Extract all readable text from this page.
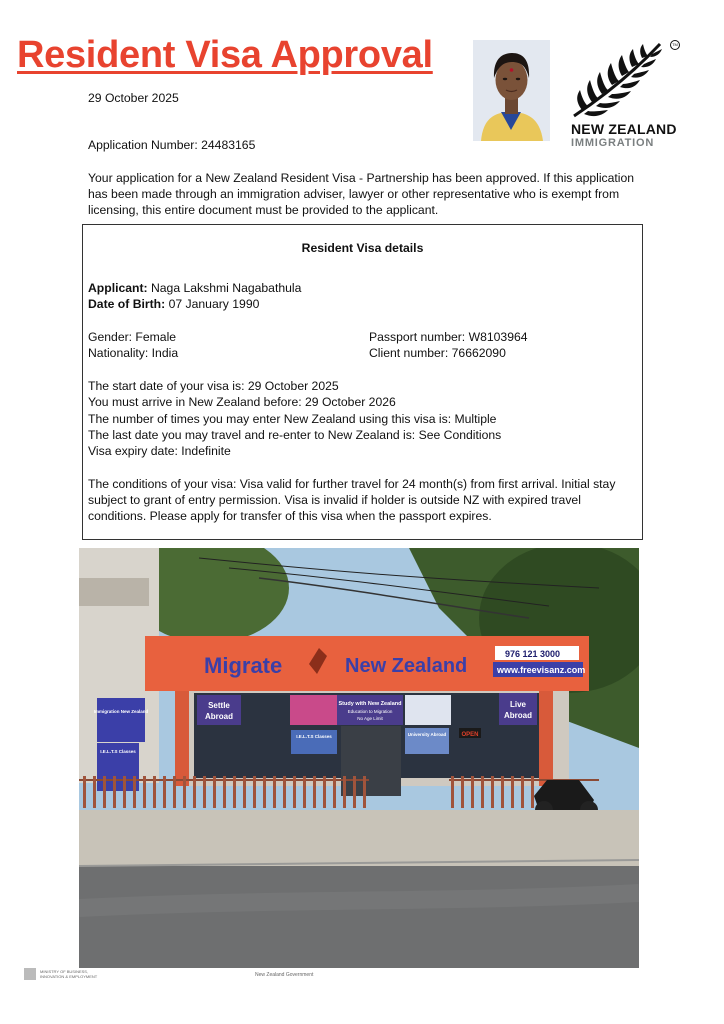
Resident Visa Approval	TM
NEW ZEALAND
IMMIGRATION
29 October 2025
Application Number: 24483165
Your application for a New Zealand Resident Visa - Partnership has been approved. If this application has been made through an immigration adviser, lawyer or other representative who is exempt from licensing, this entire document must be provided to the applicant.
Resident Visa details
Applicant: Naga Lakshmi Nagabathula
Date of Birth: 07 January 1990
Gender: Female
Nationality: India
Passport number: W8103964
Client number: 76662090
The start date of your visa is: 29 October 2025
You must arrive in New Zealand before: 29 October 2026
The number of times you may enter New Zealand using this visa is: Multiple
The last date you may travel and re-enter to New Zealand is: See Conditions
Visa expiry date: Indefinite
The conditions of your visa: Visa valid for further travel for 24 month(s) from first arrival. Initial stay subject to grant of entry permission. Visa is invalid if holder is outside NZ with expired travel conditions. Please apply for transfer of this visa when the passport expires.
Migrate	New Zealand
976 121 3000
www.freevisanz.com
Settle
Abroad
Study with New Zealand
Education to Migration
No Age Limit
Live
Abroad
I.E.L.T.S Classes	University Abroad	OPEN
Immigration New Zealand
I.E.L.T.S Classes
MINISTRY OF BUSINESS,
INNOVATION & EMPLOYMENT	New Zealand Government
